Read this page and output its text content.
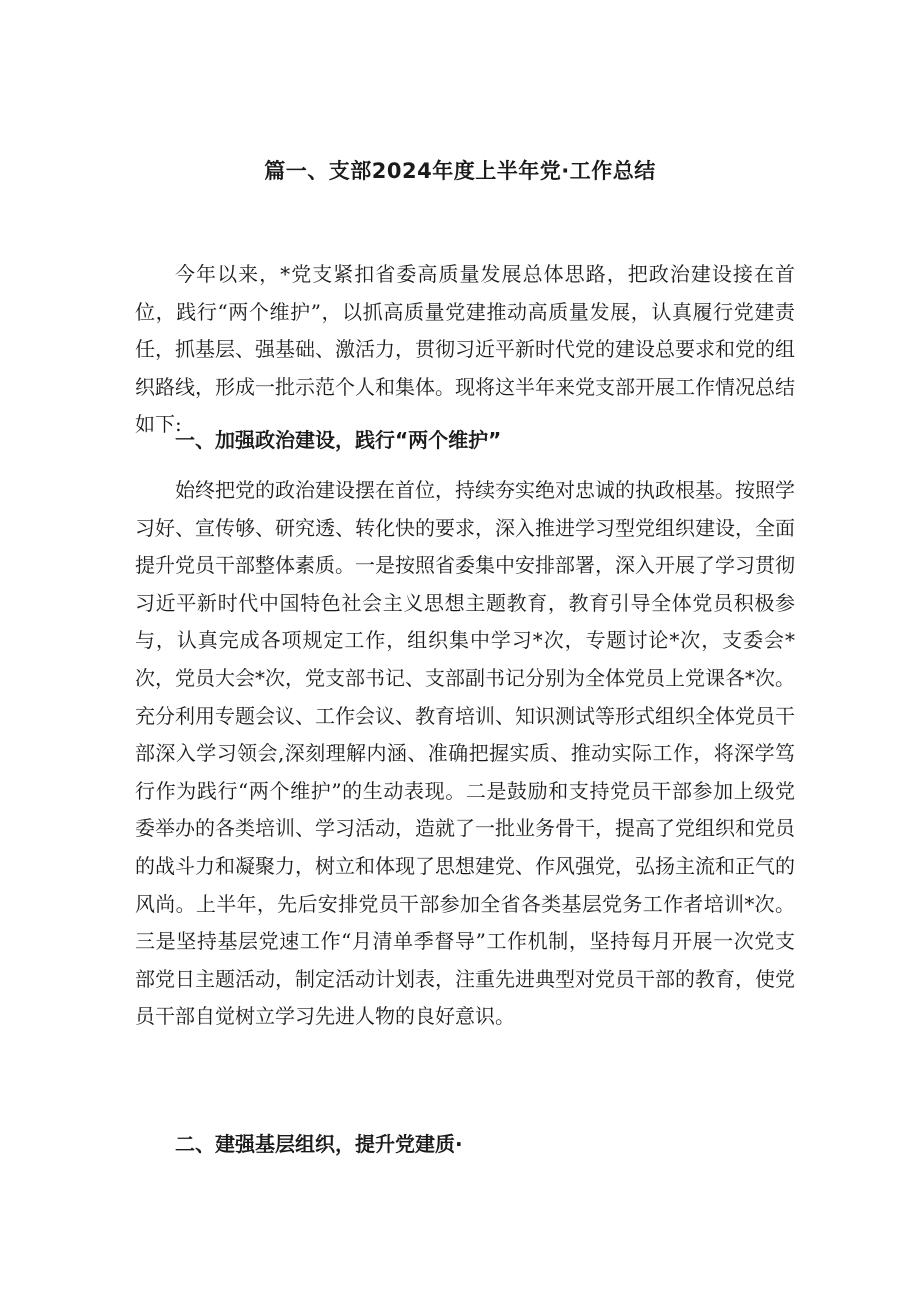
篇一、支部2024年度上半年党·工作总结

今年以来，*党支紧扣省委高质量发展总体思路，把政治建设接在首位，践行“两个维护”，以抓高质量党建推动高质量发展，认真履行党建责任，抓基层、强基础、激活力，贯彻习近平新时代党的建设总要求和党的组织路线，形成一批示范个人和集体。现将这半年来党支部开展工作情况总结如下:

一、加强政治建设，践行“两个维护”

始终把党的政治建设摆在首位，持续夯实绝对忠诚的执政根基。按照学习好、宣传够、研究透、转化快的要求，深入推进学习型党组织建设，全面提升党员干部整体素质。一是按照省委集中安排部署，深入开展了学习贯彻习近平新时代中国特色社会主义思想主题教育，教育引导全体党员积极参与，认真完成各项规定工作，组织集中学习*次，专题讨论*次，支委会*次，党员大会*次，党支部书记、支部副书记分别为全体党员上党课各*次。充分利用专题会议、工作会议、教育培训、知识测试等形式组织全体党员干部深入学习领会,深刻理解内涵、准确把握实质、推动实际工作，将深学笃行作为践行“两个维护”的生动表现。二是鼓励和支持党员干部参加上级党委举办的各类培训、学习活动，造就了一批业务骨干，提高了党组织和党员的战斗力和凝聚力，树立和体现了思想建党、作风强党，弘扬主流和正气的风尚。上半年，先后安排党员干部参加全省各类基层党务工作者培训*次。三是坚持基层党速工作“月清单季督导”工作机制，坚持每月开展一次党支部党日主题活动，制定活动计划表，注重先进典型对党员干部的教育，使党员干部自觉树立学习先进人物的良好意识。

二、建强基层组织，提升党建质·
